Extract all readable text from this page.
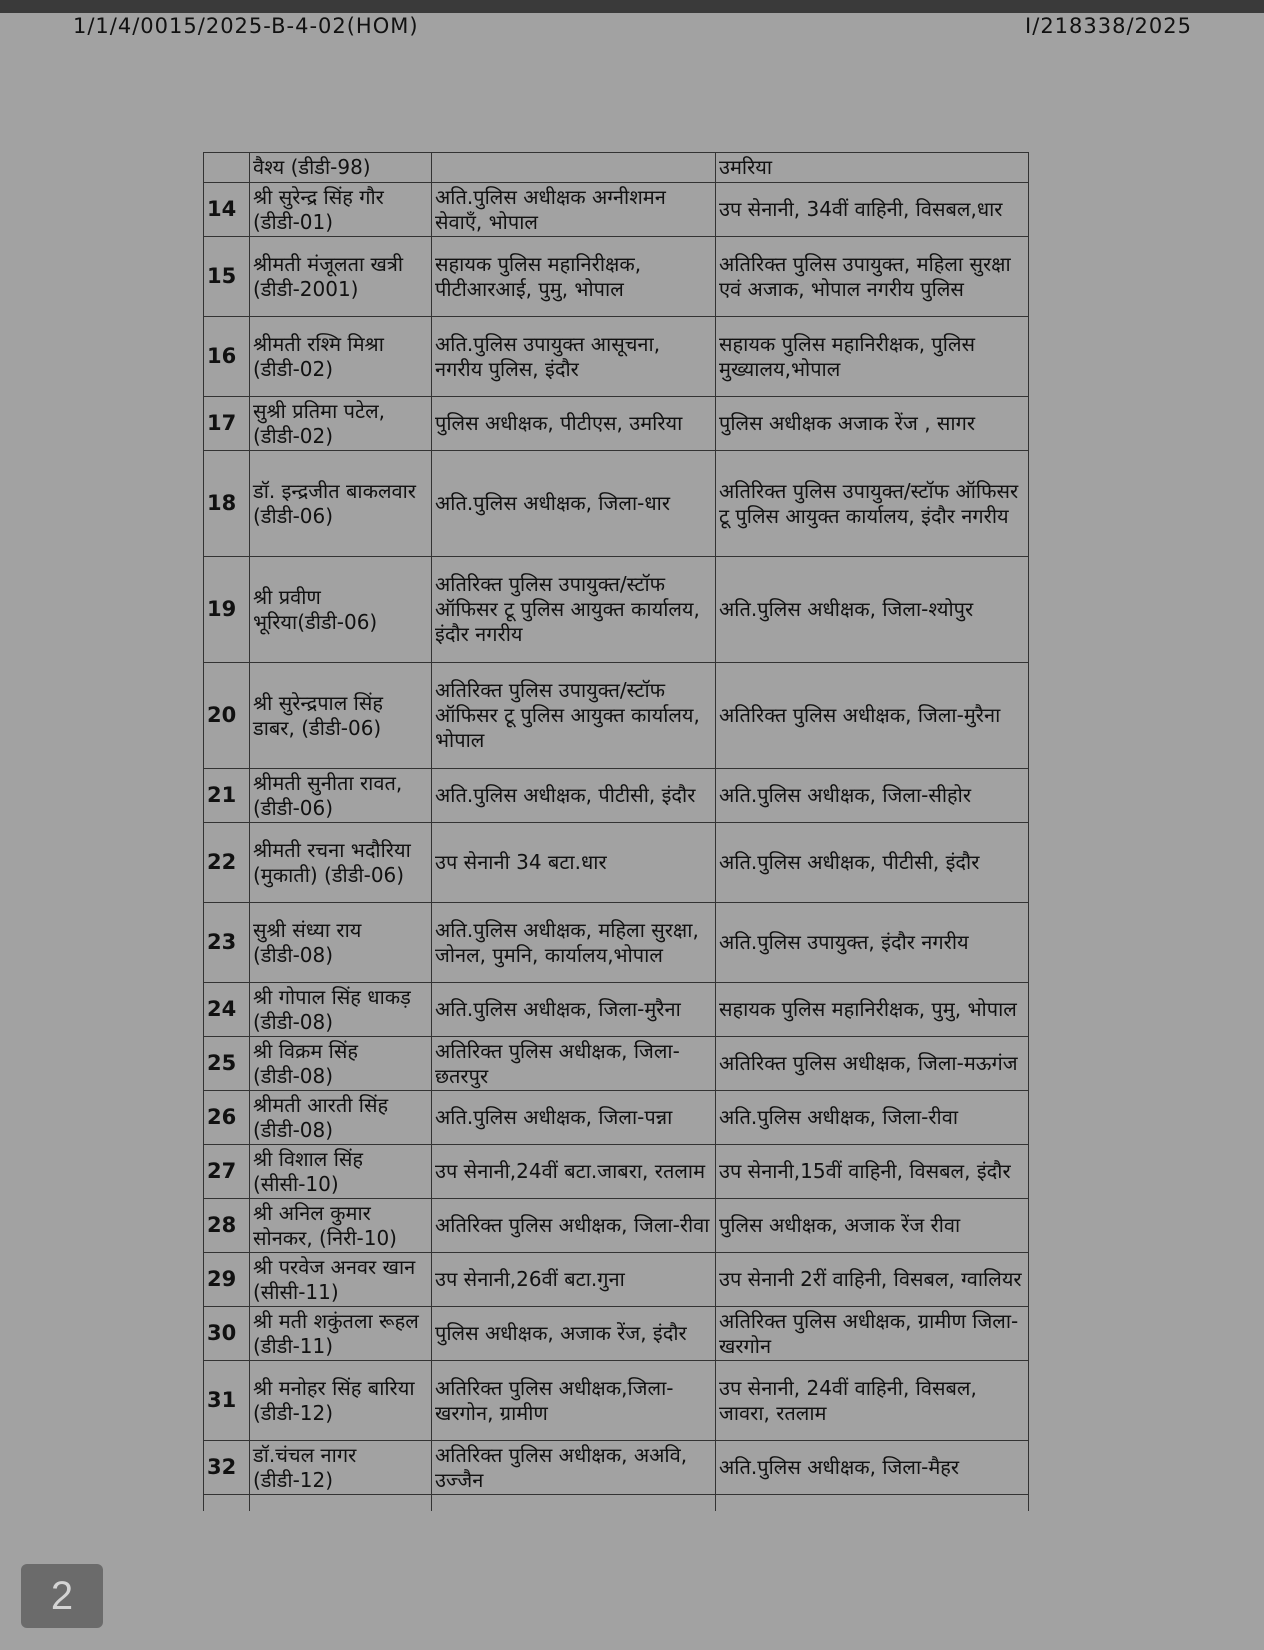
1/1/4/0015/2025-B-4-02(HOM)	I/218338/2025
	वैश्य (डीडी-98)		उमरिया
14	श्री सुरेन्द्र सिंह गौर (डीडी-01)	अति.पुलिस अधीक्षक अग्नीशमन सेवाएँ, भोपाल	उप सेनानी, 34वीं वाहिनी, विसबल,धार
15	श्रीमती मंजूलता खत्री (डीडी-2001)	सहायक पुलिस महानिरीक्षक, पीटीआरआई, पुमु, भोपाल	अतिरिक्त पुलिस उपायुक्त, महिला सुरक्षा एवं अजाक, भोपाल नगरीय पुलिस
16	श्रीमती रश्मि मिश्रा (डीडी-02)	अति.पुलिस उपायुक्त आसूचना, नगरीय पुलिस, इंदौर	सहायक पुलिस महानिरीक्षक, पुलिस मुख्यालय,भोपाल
17	सुश्री प्रतिमा पटेल, (डीडी-02)	पुलिस अधीक्षक, पीटीएस, उमरिया	पुलिस अधीक्षक अजाक रेंज , सागर
18	डॉ. इन्द्रजीत बाकलवार (डीडी-06)	अति.पुलिस अधीक्षक, जिला-धार	अतिरिक्त पुलिस उपायुक्त/स्टॉफ ऑफिसर टू पुलिस आयुक्त कार्यालय, इंदौर नगरीय
19	श्री प्रवीण भूरिया(डीडी-06)	अतिरिक्त पुलिस उपायुक्त/स्टॉफ ऑफिसर टू पुलिस आयुक्त कार्यालय, इंदौर नगरीय	अति.पुलिस अधीक्षक, जिला-श्योपुर
20	श्री सुरेन्द्रपाल सिंह डाबर, (डीडी-06)	अतिरिक्त पुलिस उपायुक्त/स्टॉफ ऑफिसर टू पुलिस आयुक्त कार्यालय, भोपाल	अतिरिक्त पुलिस अधीक्षक, जिला-मुरैना
21	श्रीमती सुनीता रावत, (डीडी-06)	अति.पुलिस अधीक्षक, पीटीसी, इंदौर	अति.पुलिस अधीक्षक, जिला-सीहोर
22	श्रीमती रचना भदौरिया (मुकाती) (डीडी-06)	उप सेनानी 34 बटा.धार	अति.पुलिस अधीक्षक, पीटीसी, इंदौर
23	सुश्री संध्या राय (डीडी-08)	अति.पुलिस अधीक्षक, महिला सुरक्षा, जोनल, पुमनि, कार्यालय,भोपाल	अति.पुलिस उपायुक्त, इंदौर नगरीय
24	श्री गोपाल सिंह धाकड़ (डीडी-08)	अति.पुलिस अधीक्षक, जिला-मुरैना	सहायक पुलिस महानिरीक्षक, पुमु, भोपाल
25	श्री विक्रम सिंह (डीडी-08)	अतिरिक्त पुलिस अधीक्षक, जिला-छतरपुर	अतिरिक्त पुलिस अधीक्षक, जिला-मऊगंज
26	श्रीमती आरती सिंह (डीडी-08)	अति.पुलिस अधीक्षक, जिला-पन्ना	अति.पुलिस अधीक्षक, जिला-रीवा
27	श्री विशाल सिंह (सीसी-10)	उप सेनानी,24वीं बटा.जाबरा, रतलाम	उप सेनानी,15वीं वाहिनी, विसबल, इंदौर
28	श्री अनिल कुमार सोनकर, (निरी-10)	अतिरिक्त पुलिस अधीक्षक, जिला-रीवा	पुलिस अधीक्षक, अजाक रेंज रीवा
29	श्री परवेज अनवर खान (सीसी-11)	उप सेनानी,26वीं बटा.गुना	उप सेनानी 2रीं वाहिनी, विसबल, ग्वालियर
30	श्री मती शकुंतला रूहल (डीडी-11)	पुलिस अधीक्षक, अजाक रेंज, इंदौर	अतिरिक्त पुलिस अधीक्षक, ग्रामीण जिला-खरगोन
31	श्री मनोहर सिंह बारिया (डीडी-12)	अतिरिक्त पुलिस अधीक्षक,जिला-खरगोन, ग्रामीण	उप सेनानी, 24वीं वाहिनी, विसबल, जावरा, रतलाम
32	डॉ.चंचल नागर (डीडी-12)	अतिरिक्त पुलिस अधीक्षक, अअवि, उज्जैन	अति.पुलिस अधीक्षक, जिला-मैहर

2
